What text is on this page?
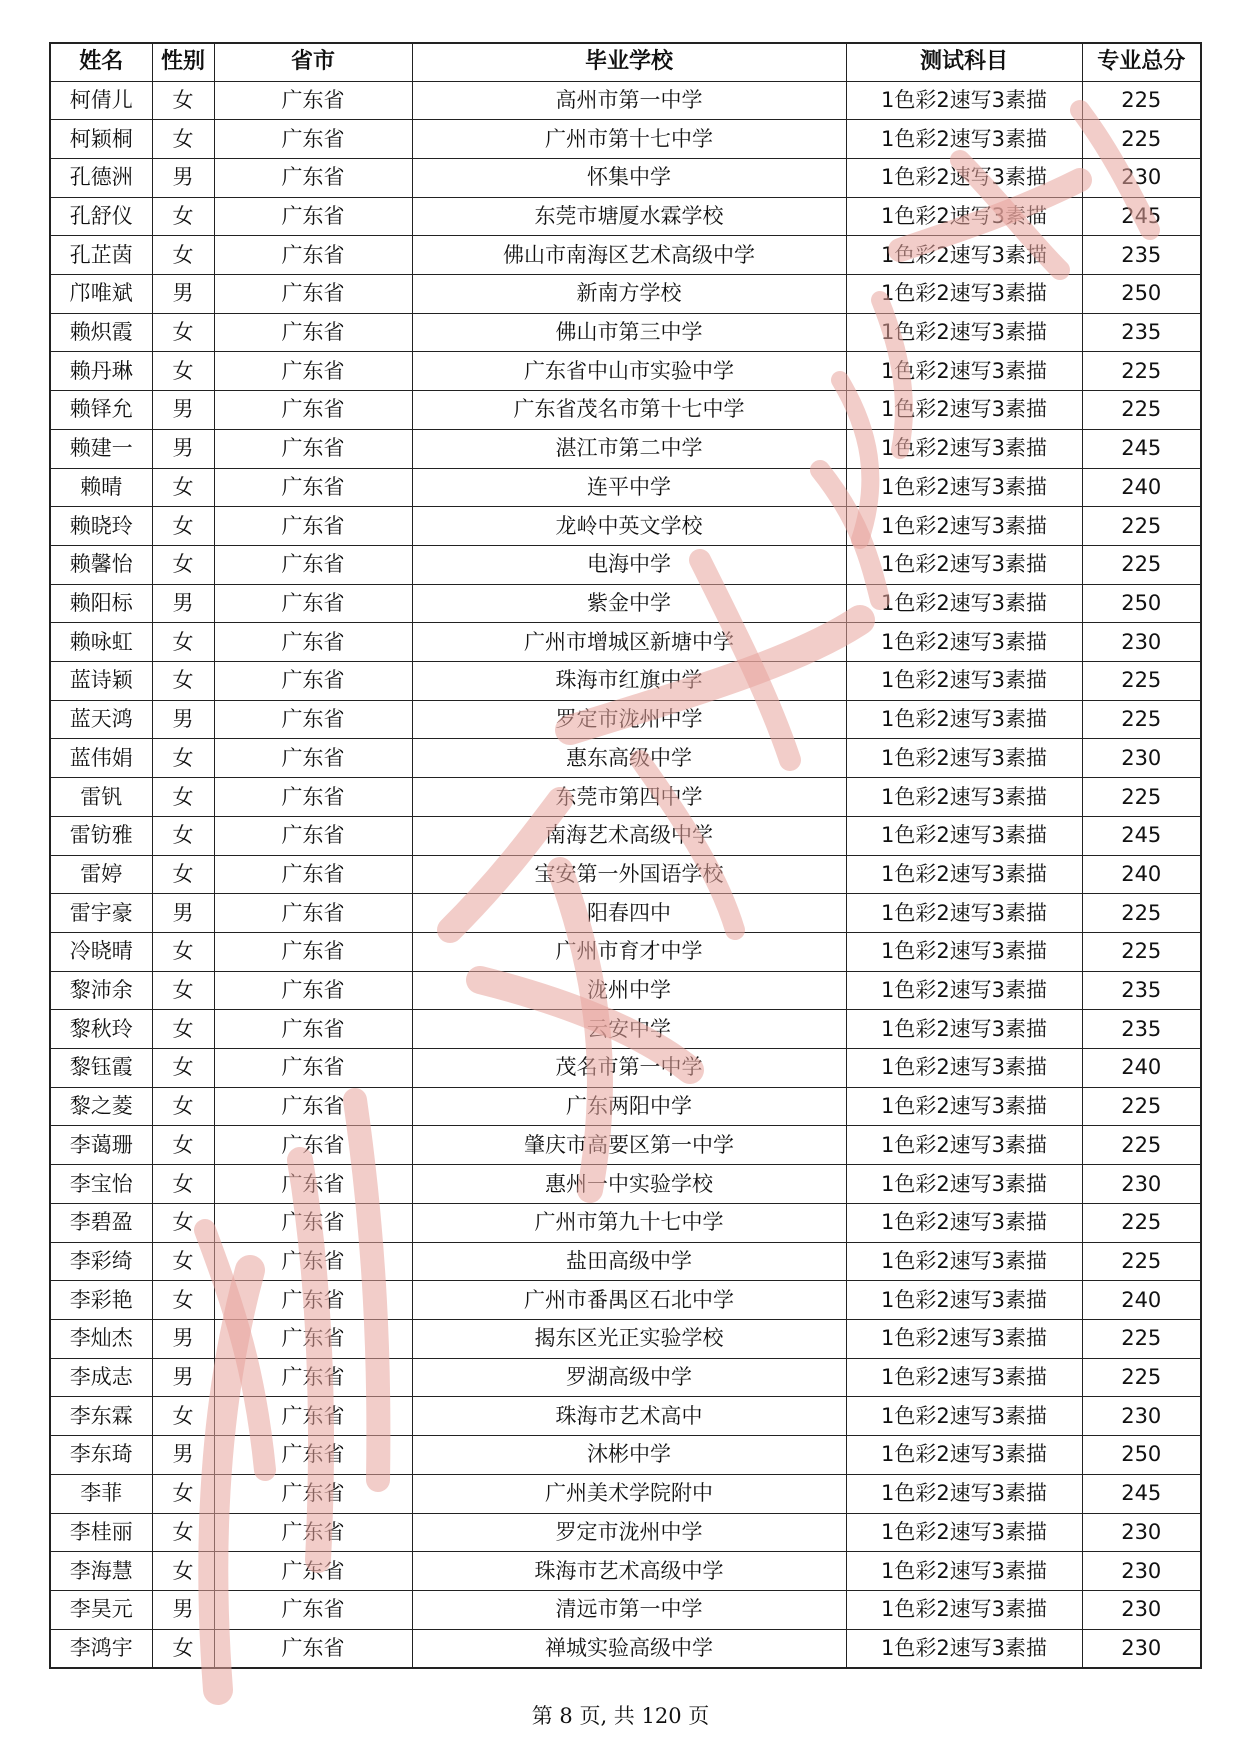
姓名	性别	省市	毕业学校	测试科目	专业总分
柯倩儿	女	广东省	高州市第一中学	1色彩2速写3素描	225
柯颖桐	女	广东省	广州市第十七中学	1色彩2速写3素描	225
孔德洲	男	广东省	怀集中学	1色彩2速写3素描	230
孔舒仪	女	广东省	东莞市塘厦水霖学校	1色彩2速写3素描	245
孔芷茵	女	广东省	佛山市南海区艺术高级中学	1色彩2速写3素描	235
邝唯斌	男	广东省	新南方学校	1色彩2速写3素描	250
赖炽霞	女	广东省	佛山市第三中学	1色彩2速写3素描	235
赖丹琳	女	广东省	广东省中山市实验中学	1色彩2速写3素描	225
赖铎允	男	广东省	广东省茂名市第十七中学	1色彩2速写3素描	225
赖建一	男	广东省	湛江市第二中学	1色彩2速写3素描	245
赖晴	女	广东省	连平中学	1色彩2速写3素描	240
赖晓玲	女	广东省	龙岭中英文学校	1色彩2速写3素描	225
赖馨怡	女	广东省	电海中学	1色彩2速写3素描	225
赖阳标	男	广东省	紫金中学	1色彩2速写3素描	250
赖咏虹	女	广东省	广州市增城区新塘中学	1色彩2速写3素描	230
蓝诗颖	女	广东省	珠海市红旗中学	1色彩2速写3素描	225
蓝天鸿	男	广东省	罗定市泷州中学	1色彩2速写3素描	225
蓝伟娟	女	广东省	惠东高级中学	1色彩2速写3素描	230
雷钒	女	广东省	东莞市第四中学	1色彩2速写3素描	225
雷钫雅	女	广东省	南海艺术高级中学	1色彩2速写3素描	245
雷婷	女	广东省	宝安第一外国语学校	1色彩2速写3素描	240
雷宇豪	男	广东省	阳春四中	1色彩2速写3素描	225
冷晓晴	女	广东省	广州市育才中学	1色彩2速写3素描	225
黎沛余	女	广东省	泷州中学	1色彩2速写3素描	235
黎秋玲	女	广东省	云安中学	1色彩2速写3素描	235
黎钰霞	女	广东省	茂名市第一中学	1色彩2速写3素描	240
黎之菱	女	广东省	广东两阳中学	1色彩2速写3素描	225
李蔼珊	女	广东省	肇庆市高要区第一中学	1色彩2速写3素描	225
李宝怡	女	广东省	惠州一中实验学校	1色彩2速写3素描	230
李碧盈	女	广东省	广州市第九十七中学	1色彩2速写3素描	225
李彩绮	女	广东省	盐田高级中学	1色彩2速写3素描	225
李彩艳	女	广东省	广州市番禺区石北中学	1色彩2速写3素描	240
李灿杰	男	广东省	揭东区光正实验学校	1色彩2速写3素描	225
李成志	男	广东省	罗湖高级中学	1色彩2速写3素描	225
李东霖	女	广东省	珠海市艺术高中	1色彩2速写3素描	230
李东琦	男	广东省	沐彬中学	1色彩2速写3素描	250
李菲	女	广东省	广州美术学院附中	1色彩2速写3素描	245
李桂丽	女	广东省	罗定市泷州中学	1色彩2速写3素描	230
李海慧	女	广东省	珠海市艺术高级中学	1色彩2速写3素描	230
李昊元	男	广东省	清远市第一中学	1色彩2速写3素描	230
李鸿宇	女	广东省	禅城实验高级中学	1色彩2速写3素描	230
第 8 页, 共 120 页
